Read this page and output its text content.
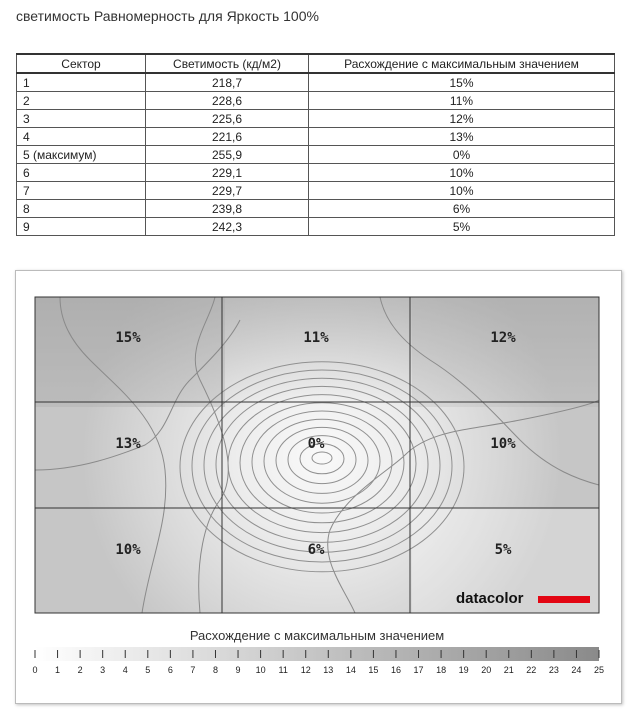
светимость Равномерность для Яркость 100%
Сектор	Светимость (кд/м2)	Расхождение с максимальным значением
1	218,7	15%
2	228,6	11%
3	225,6	12%
4	221,6	13%
5 (максимум)	255,9	0%
6	229,1	10%
7	229,7	10%
8	239,8	6%
9	242,3	5%
15%	11%	12%
13%	0%	10%
10%	6%	5%
datacolor
Расхождение с максимальным значением
0 1 2 3 4 5 6 7 8 9 10 11 12 13 14 15 16 17 18 19 20 21 22 23 24 25
